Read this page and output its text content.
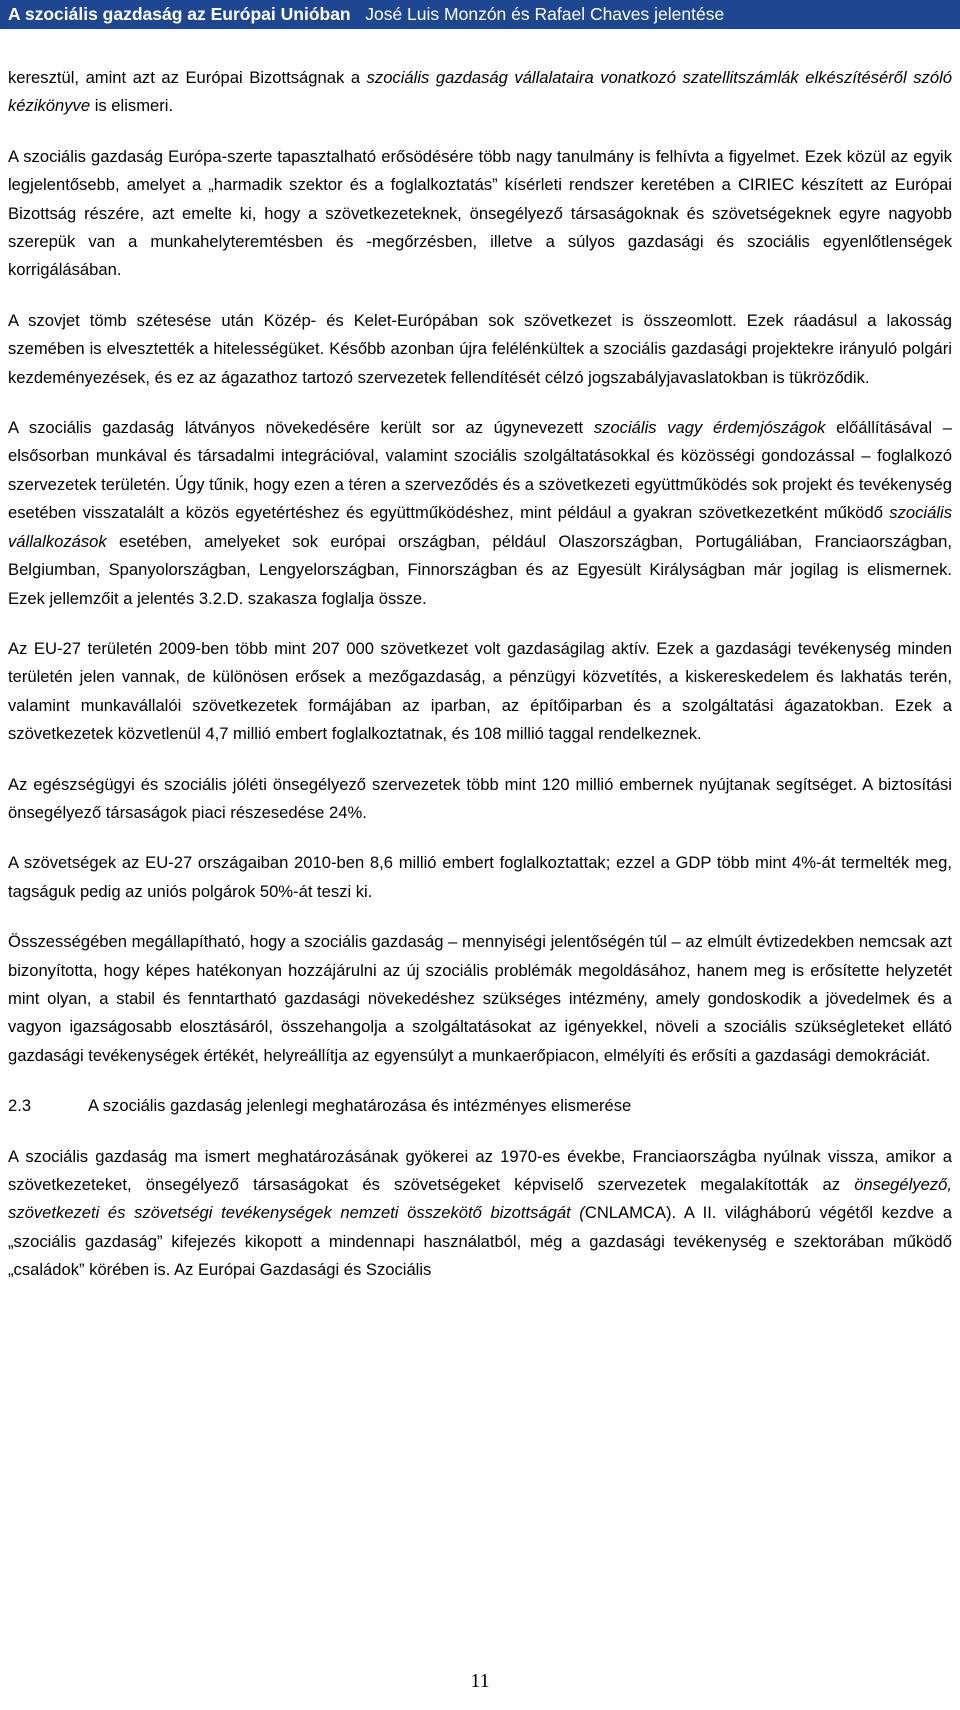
A szociális gazdaság az Európai Unióban José Luis Monzón és Rafael Chaves jelentése

keresztül, amint azt az Európai Bizottságnak a szociális gazdaság vállalataira vonatkozó szatellitszámlák elkészítéséről szóló kézikönyve is elismeri.

A szociális gazdaság Európa-szerte tapasztalható erősödésére több nagy tanulmány is felhívta a figyelmet. Ezek közül az egyik legjelentősebb, amelyet a „harmadik szektor és a foglalkoztatás” kísérleti rendszer keretében a CIRIEC készített az Európai Bizottság részére, azt emelte ki, hogy a szövetkezeteknek, önsegélyező társaságoknak és szövetségeknek egyre nagyobb szerepük van a munkahelyteremtésben és -megőrzésben, illetve a súlyos gazdasági és szociális egyenlőtlenségek korrigálásában.

A szovjet tömb szétesése után Közép- és Kelet-Európában sok szövetkezet is összeomlott. Ezek ráadásul a lakosság szemében is elvesztették a hitelességüket. Később azonban újra felélénkültek a szociális gazdasági projektekre irányuló polgári kezdeményezések, és ez az ágazathoz tartozó szervezetek fellendítését célzó jogszabályjavaslatokban is tükröződik.

A szociális gazdaság látványos növekedésére került sor az úgynevezett szociális vagy érdemjószágok előállításával – elsősorban munkával és társadalmi integrációval, valamint szociális szolgáltatásokkal és közösségi gondozással – foglalkozó szervezetek területén. Úgy tűnik, hogy ezen a téren a szerveződés és a szövetkezeti együttműködés sok projekt és tevékenység esetében visszatalált a közös egyetértéshez és együttműködéshez, mint például a gyakran szövetkezetként működő szociális vállalkozások esetében, amelyeket sok európai országban, például Olaszországban, Portugáliában, Franciaországban, Belgiumban, Spanyolországban, Lengyelországban, Finnországban és az Egyesült Királyságban már jogilag is elismernek. Ezek jellemzőit a jelentés 3.2.D. szakasza foglalja össze.

Az EU-27 területén 2009-ben több mint 207 000 szövetkezet volt gazdaságilag aktív. Ezek a gazdasági tevékenység minden területén jelen vannak, de különösen erősek a mezőgazdaság, a pénzügyi közvetítés, a kiskereskedelem és lakhatás terén, valamint munkavállalói szövetkezetek formájában az iparban, az építőiparban és a szolgáltatási ágazatokban. Ezek a szövetkezetek közvetlenül 4,7 millió embert foglalkoztatnak, és 108 millió taggal rendelkeznek.

Az egészségügyi és szociális jóléti önsegélyező szervezetek több mint 120 millió embernek nyújtanak segítséget. A biztosítási önsegélyező társaságok piaci részesedése 24%.

A szövetségek az EU-27 országaiban 2010-ben 8,6 millió embert foglalkoztattak; ezzel a GDP több mint 4%-át termelték meg, tagságuk pedig az uniós polgárok 50%-át teszi ki.

Összességében megállapítható, hogy a szociális gazdaság – mennyiségi jelentőségén túl – az elmúlt évtizedekben nemcsak azt bizonyította, hogy képes hatékonyan hozzájárulni az új szociális problémák megoldásához, hanem meg is erősítette helyzetét mint olyan, a stabil és fenntartható gazdasági növekedéshez szükséges intézmény, amely gondoskodik a jövedelmek és a vagyon igazságosabb elosztásáról, összehangolja a szolgáltatásokat az igényekkel, növeli a szociális szükségleteket ellátó gazdasági tevékenységek értékét, helyreállítja az egyensúlyt a munkaerőpiacon, elmélyíti és erősíti a gazdasági demokráciát.

2.3	A szociális gazdaság jelenlegi meghatározása és intézményes elismerése

A szociális gazdaság ma ismert meghatározásának gyökerei az 1970-es évekbe, Franciaországba nyúlnak vissza, amikor a szövetkezeteket, önsegélyező társaságokat és szövetségeket képviselő szervezetek megalakították az önsegélyező, szövetkezeti és szövetségi tevékenységek nemzeti összekötő bizottságát (CNLAMCA). A II. világháború végétől kezdve a „szociális gazdaság” kifejezés kikopott a mindennapi használatból, még a gazdasági tevékenység e szektorában működő „családok” körében is. Az Európai Gazdasági és Szociális

11
